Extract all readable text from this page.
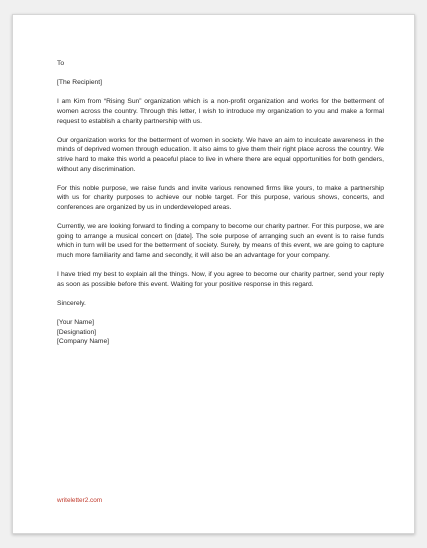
To

[The Recipient]

I am Kim from “Rising Sun” organization which is a non-profit organization and works for the betterment of women across the country. Through this letter, I wish to introduce my organization to you and make a formal request to establish a charity partnership with us.

Our organization works for the betterment of women in society. We have an aim to inculcate awareness in the minds of deprived women through education. It also aims to give them their right place across the country. We strive hard to make this world a peaceful place to live in where there are equal opportunities for both genders, without any discrimination.

For this noble purpose, we raise funds and invite various renowned firms like yours, to make a partnership with us for charity purposes to achieve our noble target. For this purpose, various shows, concerts, and conferences are organized by us in underdeveloped areas.

Currently, we are looking forward to finding a company to become our charity partner. For this purpose, we are going to arrange a musical concert on [date]. The sole purpose of arranging such an event is to raise funds which in turn will be used for the betterment of society. Surely, by means of this event, we are going to capture much more familiarity and fame and secondly, it will also be an advantage for your company.

I have tried my best to explain all the things. Now, if you agree to become our charity partner, send your reply as soon as possible before this event. Waiting for your positive response in this regard.

Sincerely.

[Your Name]

[Designation]

[Company Name]

writeletter2.com
